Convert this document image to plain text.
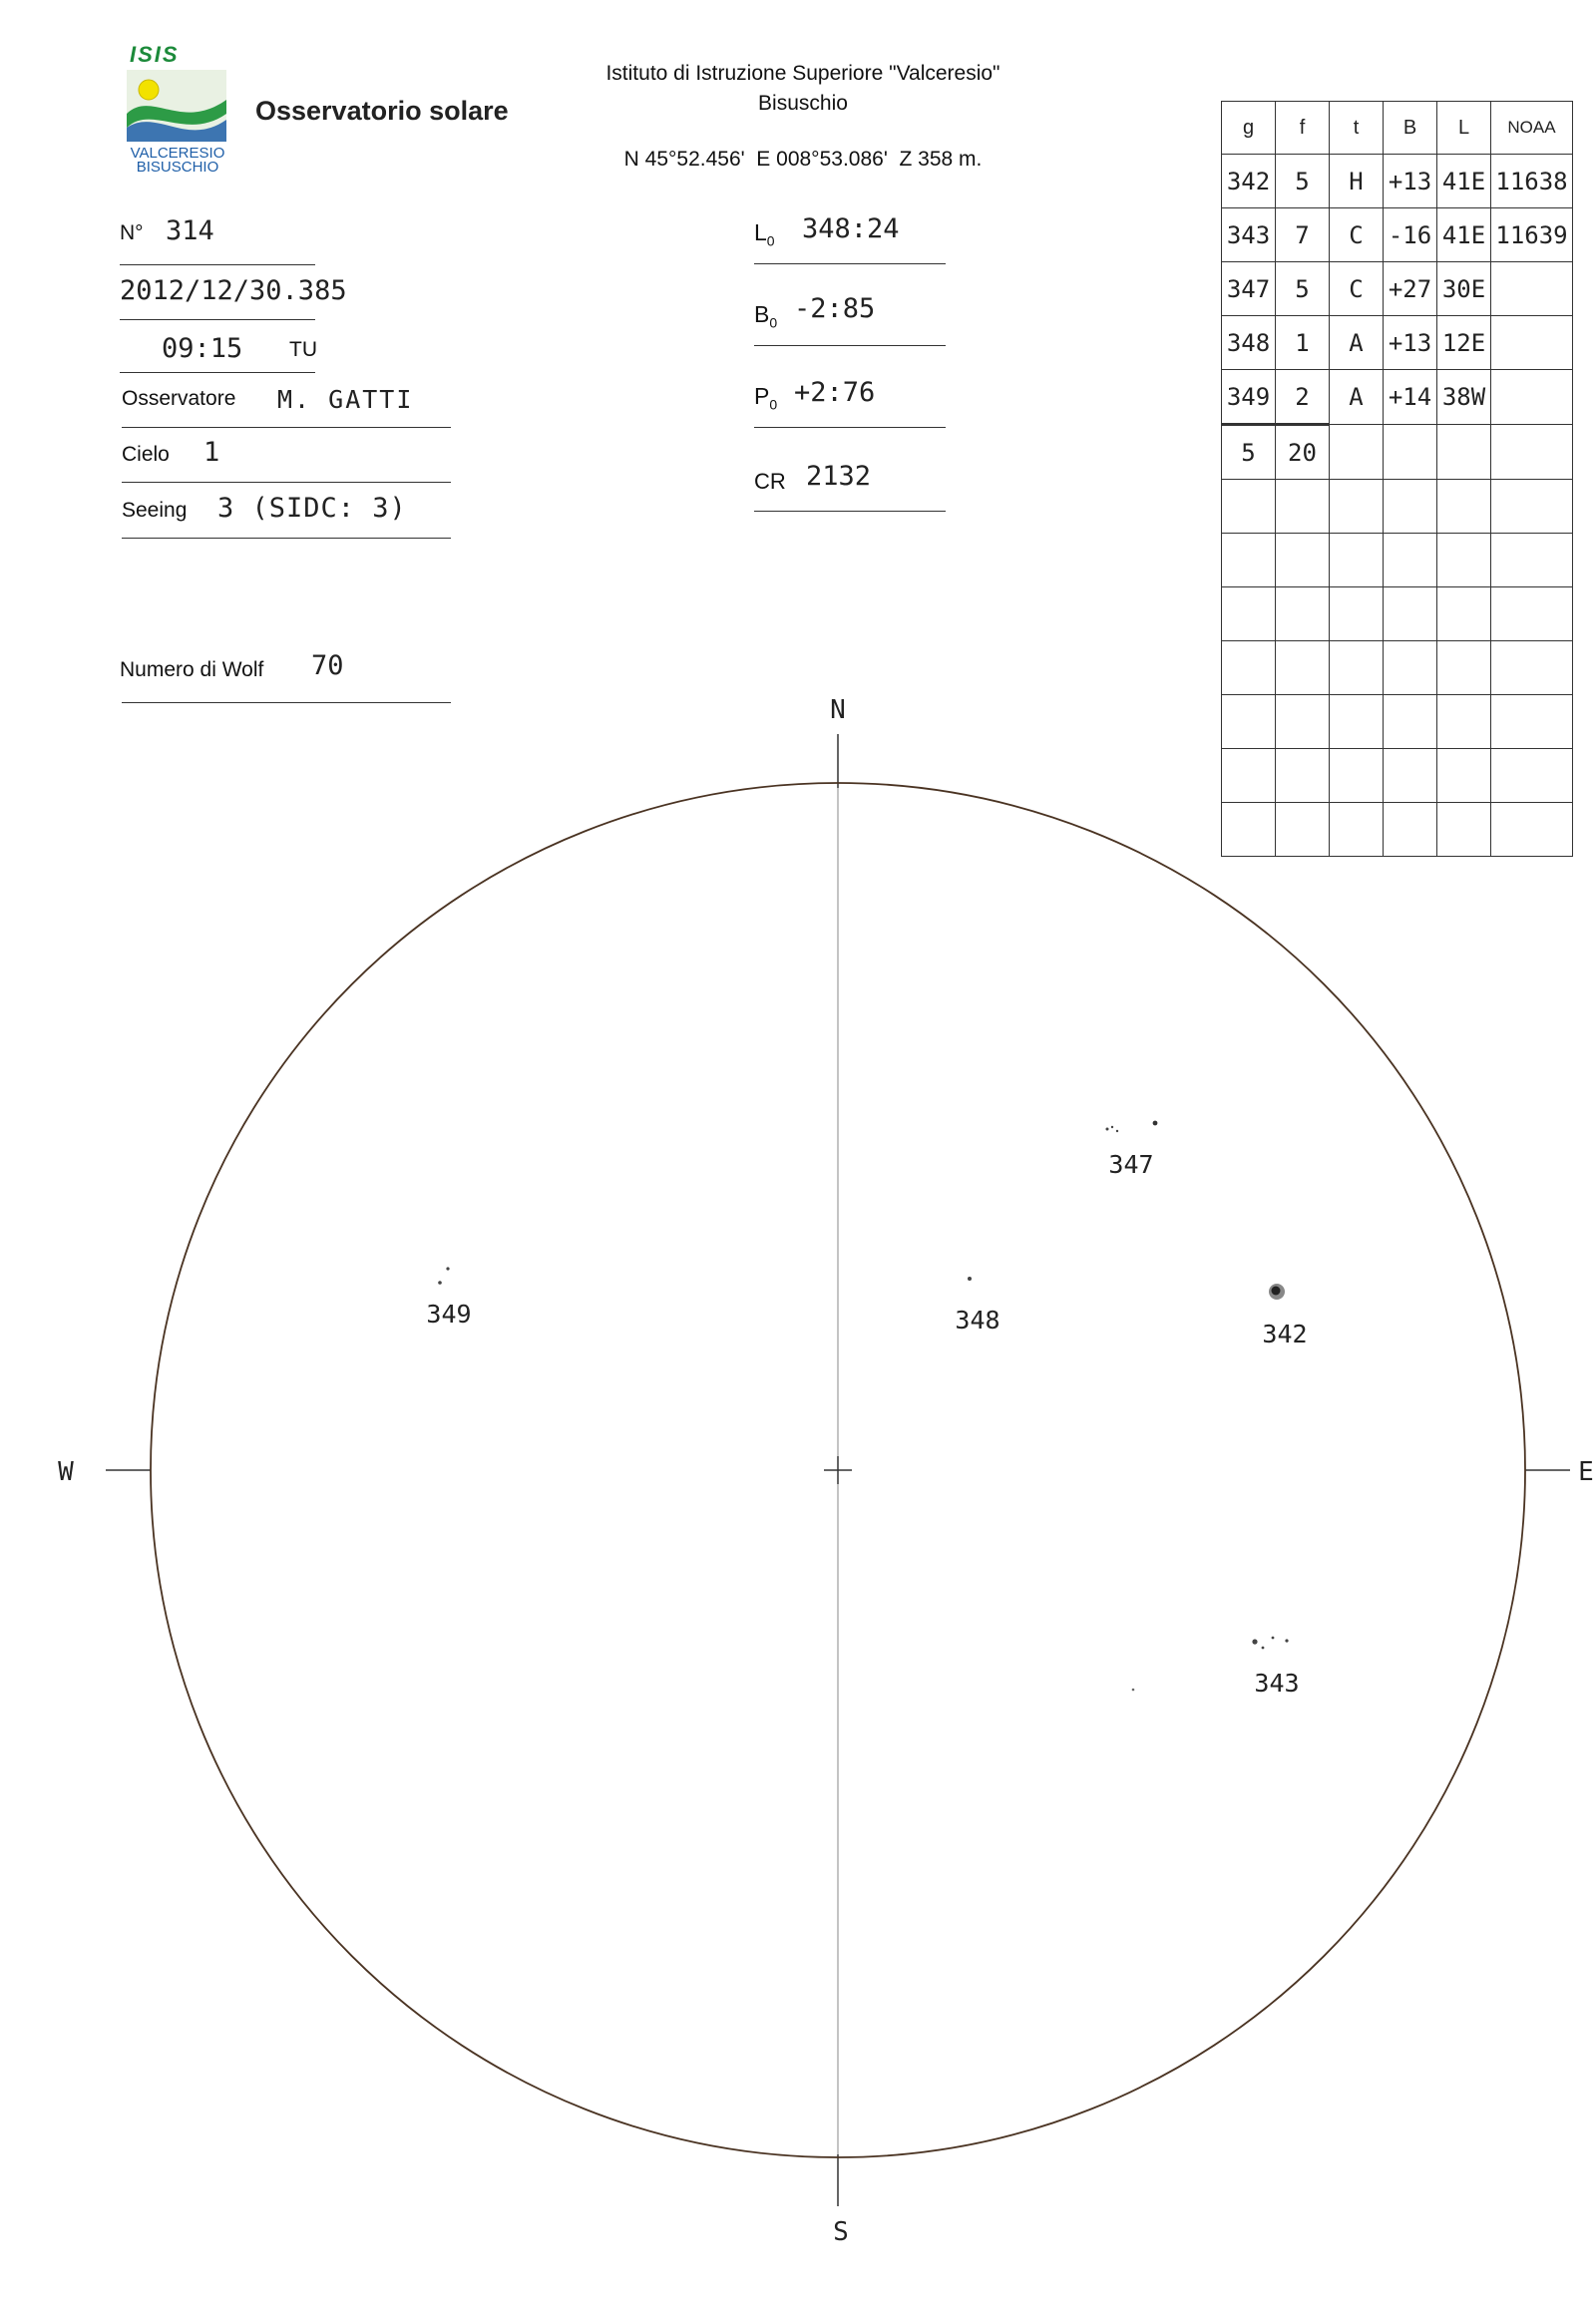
ISIS
VALCERESIO
BISUSCHIO
Osservatorio solare
Istituto di Istruzione Superiore "Valceresio"
Bisuschio
N 45°52.456'  E 008°53.086'  Z 358 m.
N° 314
2012/12/30.385
09:15 TU
Osservatore M. GATTI
Cielo 1
Seeing 3 (SIDC: 3)
Numero di Wolf 70
$L_0$ 348:24
$B_0$ -2:85
$P_0$ +2:76
CR 2132
g	f	t	B	L	NOAA
342	5	H	+13	41E	11638
343	7	C	-16	41E	11639
347	5	C	+27	30E	
348	1	A	+13	12E	
349	2	A	+14	38W	
5	20				

N
S
W	E
347
349	348	342
343
